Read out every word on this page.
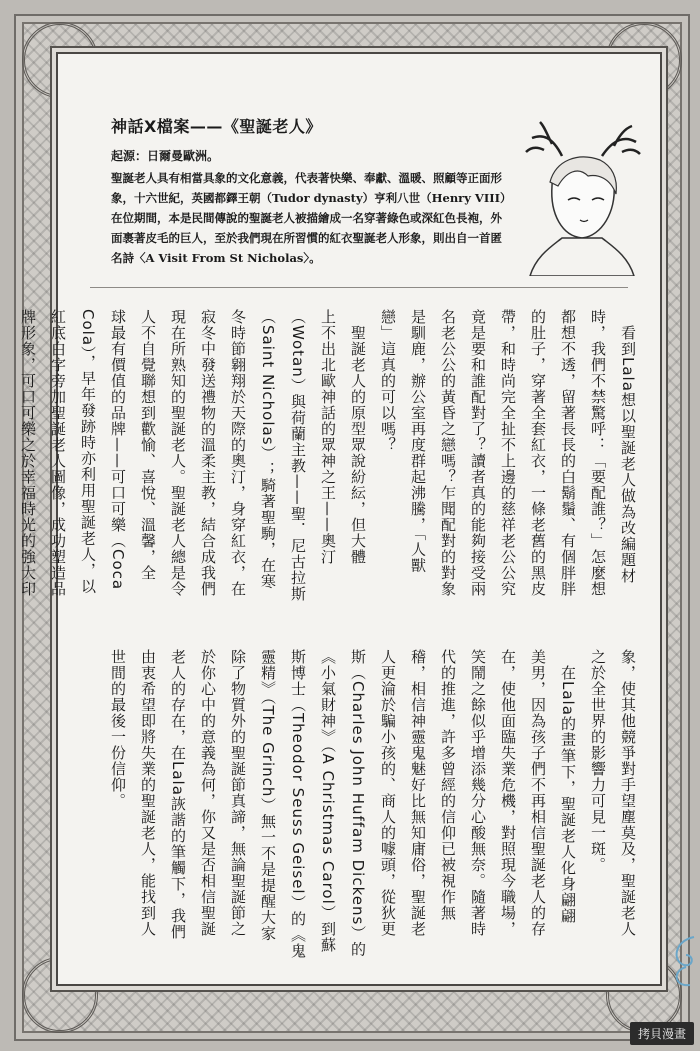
神話X檔案——《聖誕老人》
起源：日爾曼歐洲。
聖誕老人具有相當具象的文化意義，代表著快樂、奉獻、溫暖、照顧等正面形象，十六世紀，英國都鐸王朝（Tudor dynasty）亨利八世（Henry VIII）在位期間，本是民間傳說的聖誕老人被描繪成一名穿著綠色或深紅色長袍，外面裹著皮毛的巨人，至於我們現在所習慣的紅衣聖誕老人形象，則出自一首匿名詩〈A Visit From St Nicholas〉。
　看到Lala想以聖誕老人做為改編題材
時，我們不禁驚呼：「要配誰？」怎麼想
都想不透，留著長長的白鬍鬚、有個胖胖
的肚子，穿著全套紅衣，一條老舊的黑皮
帶，和時尚完全扯不上邊的慈祥老公公究
竟是要和誰配對了？讀者真的能夠接受兩
名老公公的黃昏之戀嗎？乍聞配對的對象
是馴鹿，辦公室再度群起沸騰，「人獸
戀」這真的可以嗎？
　聖誕老人的原型眾說紛紜，但大體
上不出北歐神話的眾神之王——奧汀
（Wotan）與荷蘭主教——聖．尼古拉斯
（Saint Nicholas）；騎著聖駒，在寒
冬時節翱翔於天際的奧汀，身穿紅衣，在
寂冬中發送禮物的溫柔主教，結合成我們
現在所熟知的聖誕老人。聖誕老人總是令
人不自覺聯想到歡愉、喜悅、溫馨，全
球最有價值的品牌——可口可樂（Coca
Cola），早年發跡時亦利用聖誕老人，以
紅底白字旁加聖誕老人圖像，成功塑造品
牌形象，可口可樂之於幸福時光的強大印
象，使其他競爭對手望塵莫及，聖誕老人
之於全世界的影響力可見一斑。
　在Lala的畫筆下，聖誕老人化身翩翩
美男，因為孩子們不再相信聖誕老人的存
在，使他面臨失業危機，對照現今職場，
笑鬧之餘似乎增添幾分心酸無奈。隨著時
代的推進，許多曾經的信仰已被視作無
稽，相信神靈鬼魅好比無知庸俗，聖誕老
人更淪於騙小孩的、商人的噱頭，從狄更
斯（Charles John Huffam Dickens）的
《小氣財神》（A Christmas Carol）到蘇
斯博士（Theodor Seuss Geisel）的《鬼
靈精》（The Grinch）無一不是提醒大家
除了物質外的聖誕節真諦，無論聖誕節之
於你心中的意義為何，你又是否相信聖誕
老人的存在，在Lala詼諧的筆觸下，我們
由衷希望即將失業的聖誕老人，能找到人
世間的最後一份信仰。
拷貝漫畫
